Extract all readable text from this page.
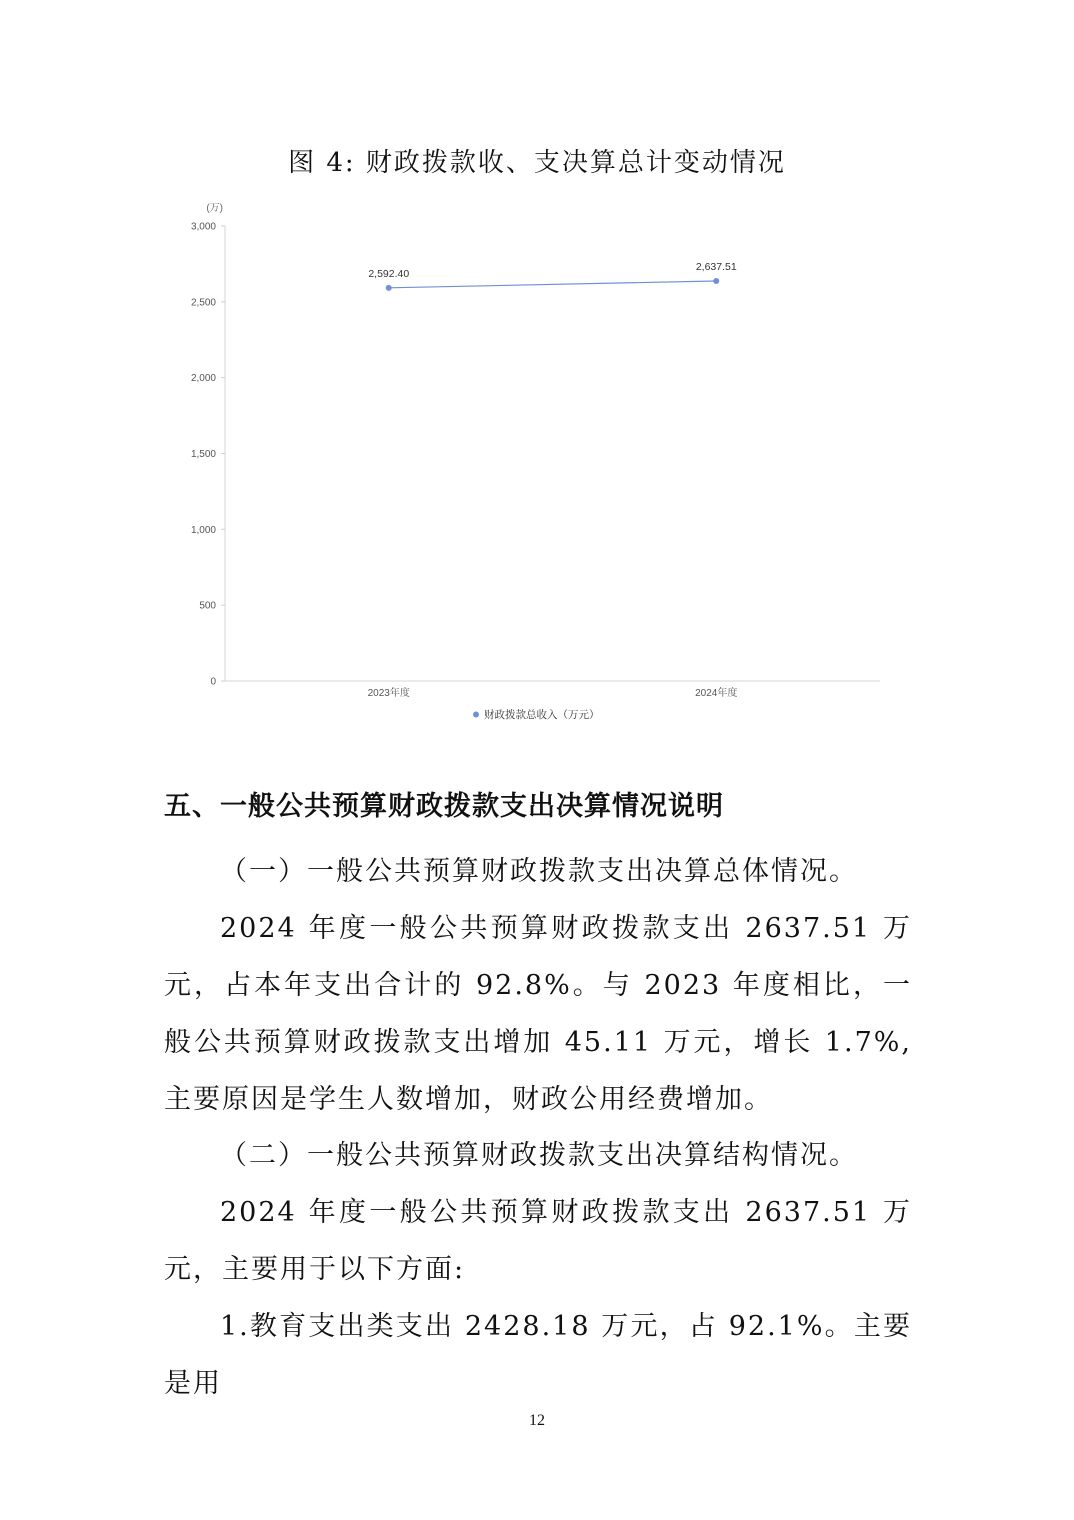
图 4: 财政拨款收、支决算总计变动情况
(万)
0
500
1,000
1,500
2,000
2,500
3,000
2023年度	2024年度
2,592.40
2,637.51
财政拨款总收入（万元）
五、一般公共预算财政拨款支出决算情况说明
（一）一般公共预算财政拨款支出决算总体情况。
2024 年度一般公共预算财政拨款支出 2637.51 万元，占本年支出合计的 92.8%。与 2023 年度相比，一般公共预算财政拨款支出增加 45.11 万元，增长 1.7%,主要原因是学生人数增加，财政公用经费增加。
（二）一般公共预算财政拨款支出决算结构情况。
2024 年度一般公共预算财政拨款支出 2637.51 万元，主要用于以下方面:
1.教育支出类支出 2428.18 万元，占 92.1%。主要是用
12
